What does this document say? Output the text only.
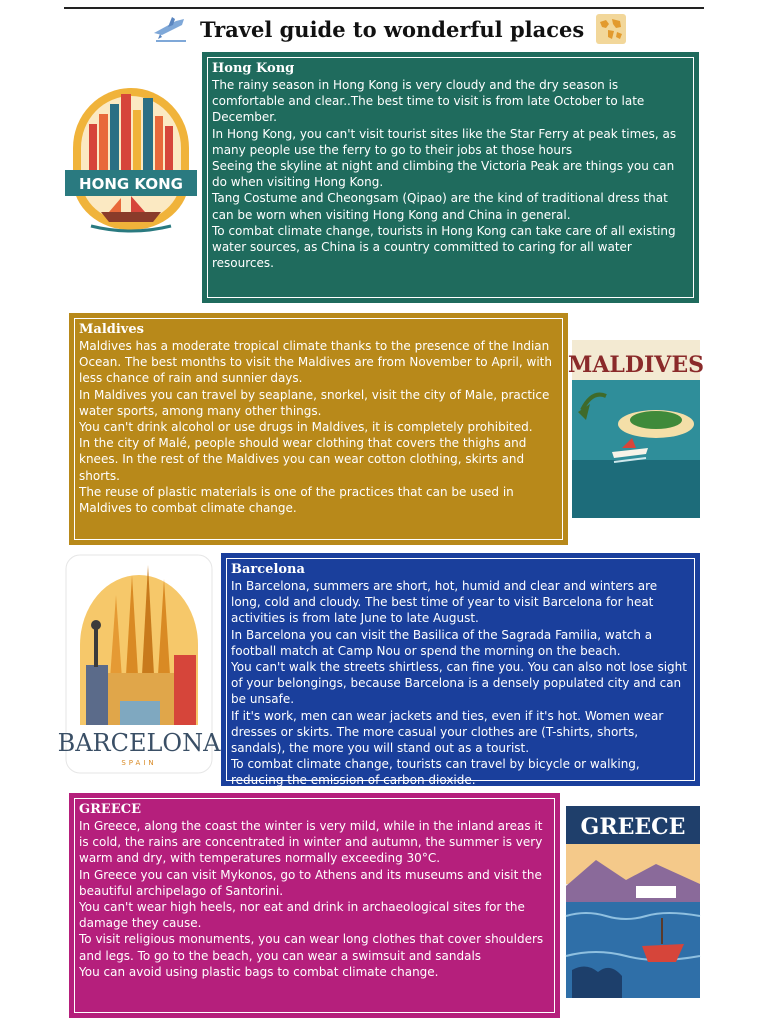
Travel guide to wonderful places
HONG KONG
Hong Kong

The rainy season in Hong Kong is very cloudy and the dry season is comfortable and clear..The best time to visit is from late October to late December.

In Hong Kong, you can't visit tourist sites like the Star Ferry at peak times, as many people use the ferry to go to their jobs at those hours

Seeing the skyline at night and climbing the Victoria Peak are things you can do when visiting Hong Kong.

Tang Costume and Cheongsam (Qipao) are the kind of traditional dress that can be worn when visiting Hong Kong and China in general.

To combat climate change, tourists in Hong Kong can take care of all existing water sources, as China is a country committed to caring for all water resources.

Maldives

Maldives has a moderate tropical climate thanks to the presence of the Indian Ocean. The best months to visit the Maldives are from November to April, with less chance of rain and sunnier days.

In Maldives you can travel by seaplane, snorkel, visit the city of Male, practice water sports, among many other things.

You can't drink alcohol or use drugs in Maldives, it is completely prohibited.

In the city of Malé, people should wear clothing that covers the thighs and knees. In the rest of the Maldives you can wear cotton clothing, skirts and shorts.

The reuse of plastic materials is one of the practices that can be used in Maldives to combat climate change.

MALDIVES
BARCELONA
SPAIN
Barcelona

In Barcelona, summers are short, hot, humid and clear and winters are long, cold and cloudy. The best time of year to visit Barcelona for heat activities is from late June to late August.

In Barcelona you can visit the Basilica of the Sagrada Familia, watch a football match at Camp Nou or spend the morning on the beach.

You can't walk the streets shirtless, can fine you. You can also not lose sight of your belongings, because Barcelona is a densely populated city and can be unsafe.

If it's work, men can wear jackets and ties, even if it's hot. Women wear dresses or skirts. The more casual your clothes are (T-shirts, shorts, sandals), the more you will stand out as a tourist.

To combat climate change, tourists can travel by bicycle or walking, reducing the emission of carbon dioxide.

GREECE

In Greece, along the coast the winter is very mild, while in the inland areas it is cold, the rains are concentrated in winter and autumn, the summer is very warm and dry, with temperatures normally exceeding 30°C.

In Greece you can visit Mykonos, go to Athens and its museums and visit the beautiful archipelago of Santorini.

You can't wear high heels, nor eat and drink in archaeological sites for the damage they cause.

To visit religious monuments, you can wear long clothes that cover shoulders and legs. To go to the beach, you can wear a swimsuit and sandals

You can avoid using plastic bags to combat climate change.

GREECE
